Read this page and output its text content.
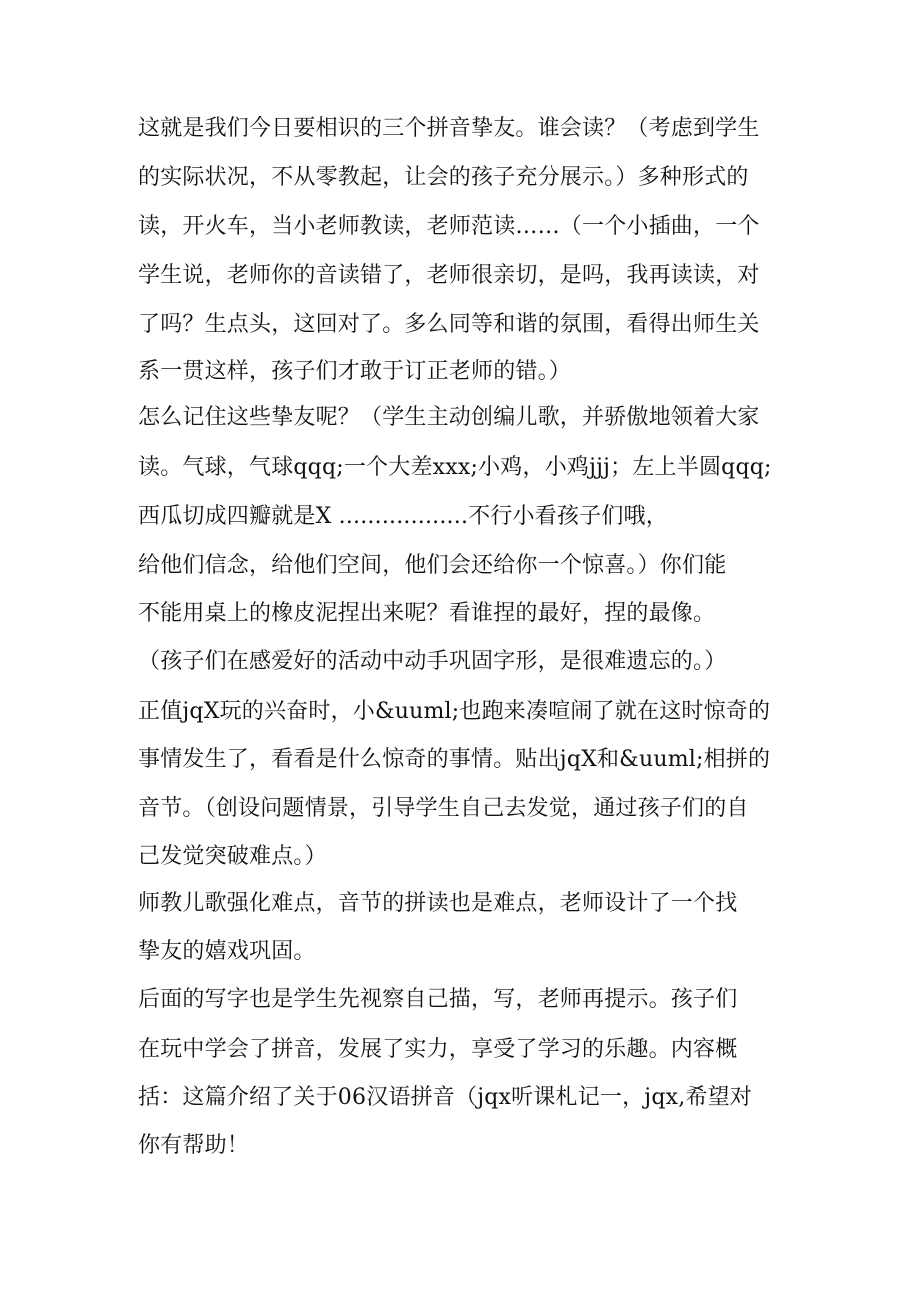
这就是我们今日要相识的三个拼音挚友。谁会读？（考虑到学生
的实际状况，不从零教起，让会的孩子充分展示。）多种形式的
读，开火车，当小老师教读，老师范读……（一个小插曲，一个
学生说，老师你的音读错了，老师很亲切，是吗，我再读读，对
了吗？生点头，这回对了。多么同等和谐的氛围，看得出师生关
系一贯这样，孩子们才敢于订正老师的错。）
怎么记住这些挚友呢？（学生主动创编儿歌，并骄傲地领着大家
读。气球，气球qqq;一个大差xxx;小鸡，小鸡jjj；左上半圆qqq;
西瓜切成四瓣就是X ..................不行小看孩子们哦，
给他们信念，给他们空间，他们会还给你一个惊喜。）你们能
不能用桌上的橡皮泥捏出来呢？看谁捏的最好，捏的最像。
（孩子们在感爱好的活动中动手巩固字形，是很难遗忘的。）
正值jqX玩的兴奋时，小&uuml;也跑来凑喧闹了就在这时惊奇的
事情发生了，看看是什么惊奇的事情。贴出jqX和&uuml;相拼的
音节。（创设问题情景，引导学生自己去发觉，通过孩子们的自
己发觉突破难点。）
师教儿歌强化难点，音节的拼读也是难点，老师设计了一个找
挚友的嬉戏巩固。
后面的写字也是学生先视察自己描，写，老师再提示。孩子们
在玩中学会了拼音，发展了实力，享受了学习的乐趣。内容概
括：这篇介绍了关于06汉语拼音（jqx听课札记一，jqx,希望对
你有帮助！
